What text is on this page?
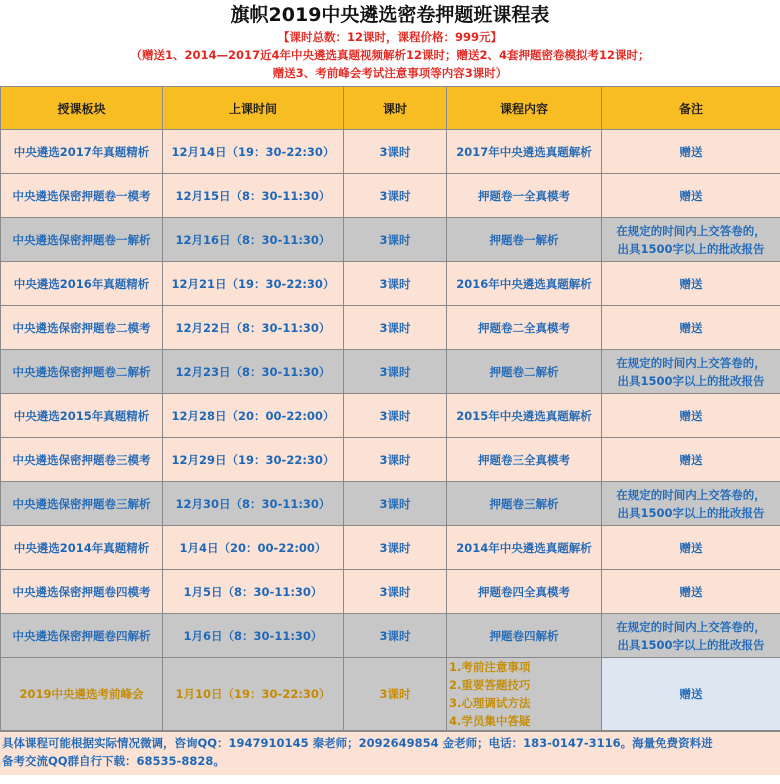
旗帜2019中央遴选密卷押题班课程表
【课时总数：12课时，课程价格：999元】
（赠送1、2014—2017近4年中央遴选真题视频解析12课时；赠送2、4套押题密卷模拟考12课时；
赠送3、考前峰会考试注意事项等内容3课时）
授课板块	上课时间	课时	课程内容	备注
中央遴选2017年真题精析	12月14日（19：30-22:30）	3课时	2017年中央遴选真题解析	赠送

中央遴选保密押题卷一模考	12月15日（8：30-11:30）	3课时	押题卷一全真模考	赠送

中央遴选保密押题卷一解析	12月16日（8：30-11:30）	3课时	押题卷一解析	在规定的时间内上交答卷的，
出具1500字以上的批改报告

中央遴选2016年真题精析	12月21日（19：30-22:30）	3课时	2016年中央遴选真题解析	赠送

中央遴选保密押题卷二模考	12月22日（8：30-11:30）	3课时	押题卷二全真模考	赠送

中央遴选保密押题卷二解析	12月23日（8：30-11:30）	3课时	押题卷二解析	在规定的时间内上交答卷的，
出具1500字以上的批改报告

中央遴选2015年真题精析	12月28日（20：00-22:00）	3课时	2015年中央遴选真题解析	赠送

中央遴选保密押题卷三模考	12月29日（19：30-22:30）	3课时	押题卷三全真模考	赠送

中央遴选保密押题卷三解析	12月30日（8：30-11:30）	3课时	押题卷三解析	在规定的时间内上交答卷的，
出具1500字以上的批改报告

中央遴选2014年真题精析	1月4日（20：00-22:00）	3课时	2014年中央遴选真题解析	赠送

中央遴选保密押题卷四模考	1月5日（8：30-11:30）	3课时	押题卷四全真模考	赠送

中央遴选保密押题卷四解析	1月6日（8：30-11:30）	3课时	押题卷四解析	在规定的时间内上交答卷的，
出具1500字以上的批改报告

2019中央遴选考前峰会	1月10日（19：30-22:30）	3课时	1.考前注意事项
2.重要答题技巧
3.心理调试方法
4.学员集中答疑	赠送
具体课程可能根据实际情况微调，咨询QQ：1947910145 秦老师；2092649854 金老师；电话：183-0147-3116。海量免费资料进
备考交流QQ群自行下载：68535-8828。
